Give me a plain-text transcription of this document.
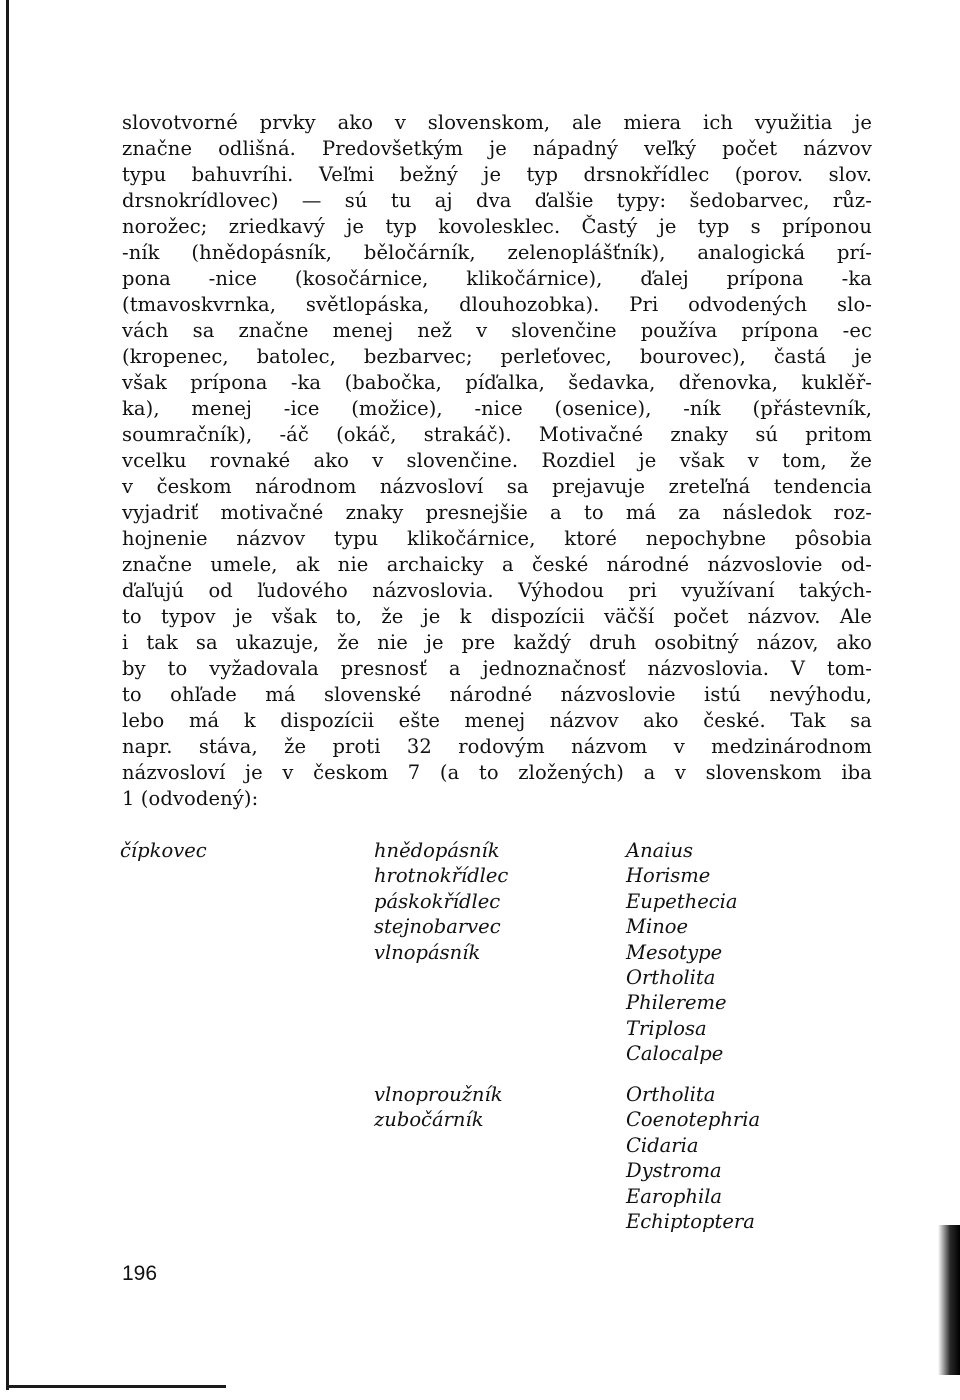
slovotvorné prvky ako v slovenskom, ale miera ich využitia je
značne odlišná. Predovšetkým je nápadný veľký počet názvov
typu bahuvríhi. Veľmi bežný je typ drsnokřídlec (porov. slov.
drsnokrídlovec) — sú tu aj dva ďalšie typy: šedobarvec, růz-
norožec; zriedkavý je typ kovolesklec. Častý je typ s príponou
-ník (hnědopásník, běločárník, zelenoplášťník), analogická prí-
pona -nice (kosočárnice, klikočárnice), ďalej prípona -ka
(tmavoskvrnka, světlopáska, dlouhozobka). Pri odvodených slo-
vách sa značne menej než v slovenčine používa prípona -ec
(kropenec, batolec, bezbarvec; perleťovec, bourovec), častá je
však prípona -ka (babočka, píďalka, šedavka, dřenovka, kuklěř-
ka), menej -ice (možice), -nice (osenice), -ník (přástevník,
soumračník), -áč (okáč, strakáč). Motivačné znaky sú pritom
vcelku rovnaké ako v slovenčine. Rozdiel je však v tom, že
v českom národnom názvosloví sa prejavuje zreteľná tendencia
vyjadriť motivačné znaky presnejšie a to má za následok roz-
hojnenie názvov typu klikočárnice, ktoré nepochybne pôsobia
značne umele, ak nie archaicky a české národné názvoslovie od-
ďaľujú od ľudového názvoslovia. Výhodou pri využívaní takých-
to typov je však to, že je k dispozícii väčší počet názvov. Ale
i tak sa ukazuje, že nie je pre každý druh osobitný názov, ako
by to vyžadovala presnosť a jednoznačnosť názvoslovia. V tom-
to ohľade má slovenské národné názvoslovie istú nevýhodu,
lebo má k dispozícii ešte menej názvov ako české. Tak sa
napr. stáva, že proti 32 rodovým názvom v medzinárodnom
názvosloví je v českom 7 (a to zložených) a v slovenskom iba
1 (odvodený):
čípkovec	hnědopásník
hrotnokřídlec
páskokřídlec
stejnobarvec
vlnopásník
Anaius
Horisme
Eupethecia
Minoe
Mesotype
Ortholita
Philereme
Triplosa
Calocalpe
vlnoproužník
zubočárník
Ortholita
Coenotephria
Cidaria
Dystroma
Earophila
Echiptoptera
196
